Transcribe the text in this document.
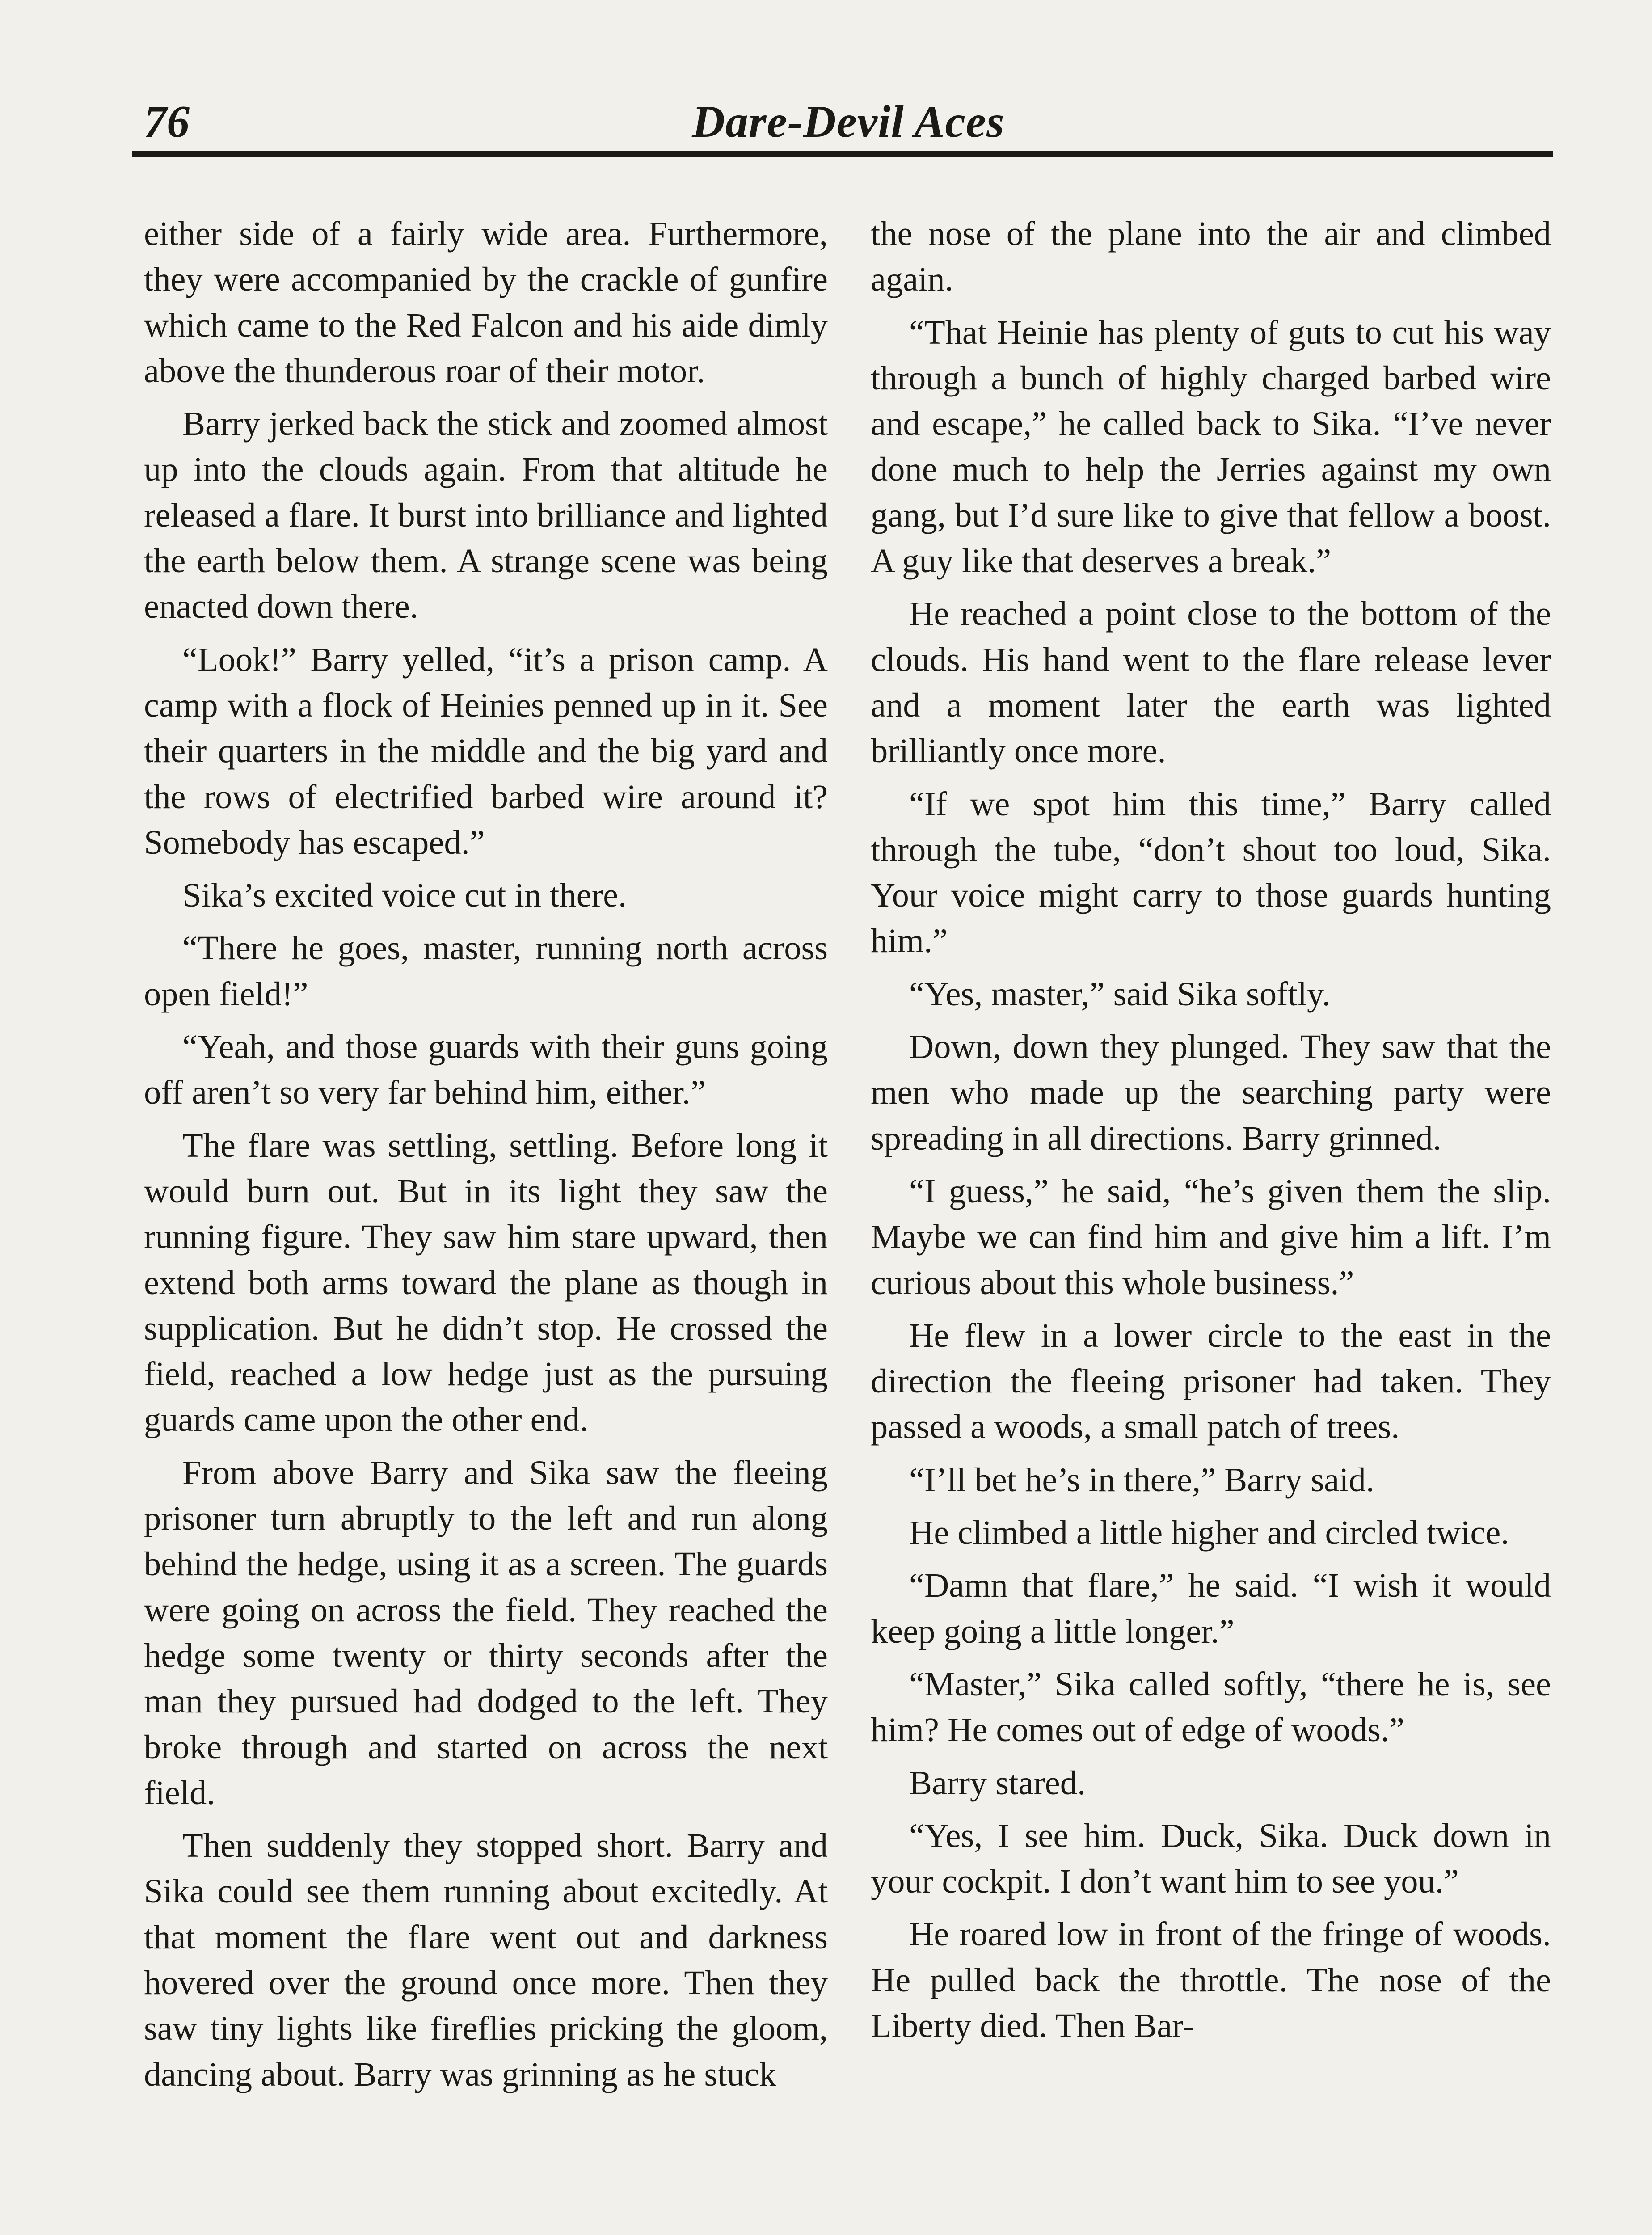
76	Dare-Devil Aces

either side of a fairly wide area. Furthermore, they were accompanied by the crackle of gunfire which came to the Red Falcon and his aide dimly above the thunderous roar of their motor.

Barry jerked back the stick and zoomed almost up into the clouds again. From that altitude he released a flare. It burst into brilliance and lighted the earth below them. A strange scene was being enacted down there.

“Look!” Barry yelled, “it’s a prison camp. A camp with a flock of Heinies penned up in it. See their quarters in the middle and the big yard and the rows of electrified barbed wire around it? Somebody has escaped.”

Sika’s excited voice cut in there.

“There he goes, master, running north across open field!”

“Yeah, and those guards with their guns going off aren’t so very far behind him, either.”

The flare was settling, settling. Before long it would burn out. But in its light they saw the running figure. They saw him stare upward, then extend both arms toward the plane as though in supplication. But he didn’t stop. He crossed the field, reached a low hedge just as the pursuing guards came upon the other end.

From above Barry and Sika saw the fleeing prisoner turn abruptly to the left and run along behind the hedge, using it as a screen. The guards were going on across the field. They reached the hedge some twenty or thirty seconds after the man they pursued had dodged to the left. They broke through and started on across the next field.

Then suddenly they stopped short. Barry and Sika could see them running about excitedly. At that moment the flare went out and darkness hovered over the ground once more. Then they saw tiny lights like fireflies pricking the gloom, dancing about. Barry was grinning as he stuck

the nose of the plane into the air and climbed again.

“That Heinie has plenty of guts to cut his way through a bunch of highly charged barbed wire and escape,” he called back to Sika. “I’ve never done much to help the Jerries against my own gang, but I’d sure like to give that fellow a boost. A guy like that deserves a break.”

He reached a point close to the bottom of the clouds. His hand went to the flare release lever and a moment later the earth was lighted brilliantly once more.

“If we spot him this time,” Barry called through the tube, “don’t shout too loud, Sika. Your voice might carry to those guards hunting him.”

“Yes, master,” said Sika softly.

Down, down they plunged. They saw that the men who made up the searching party were spreading in all directions. Barry grinned.

“I guess,” he said, “he’s given them the slip. Maybe we can find him and give him a lift. I’m curious about this whole business.”

He flew in a lower circle to the east in the direction the fleeing prisoner had taken. They passed a woods, a small patch of trees.

“I’ll bet he’s in there,” Barry said.

He climbed a little higher and circled twice.

“Damn that flare,” he said. “I wish it would keep going a little longer.”

“Master,” Sika called softly, “there he is, see him? He comes out of edge of woods.”

Barry stared.

“Yes, I see him. Duck, Sika. Duck down in your cockpit. I don’t want him to see you.”

He roared low in front of the fringe of woods. He pulled back the throttle. The nose of the Liberty died. Then Bar-
